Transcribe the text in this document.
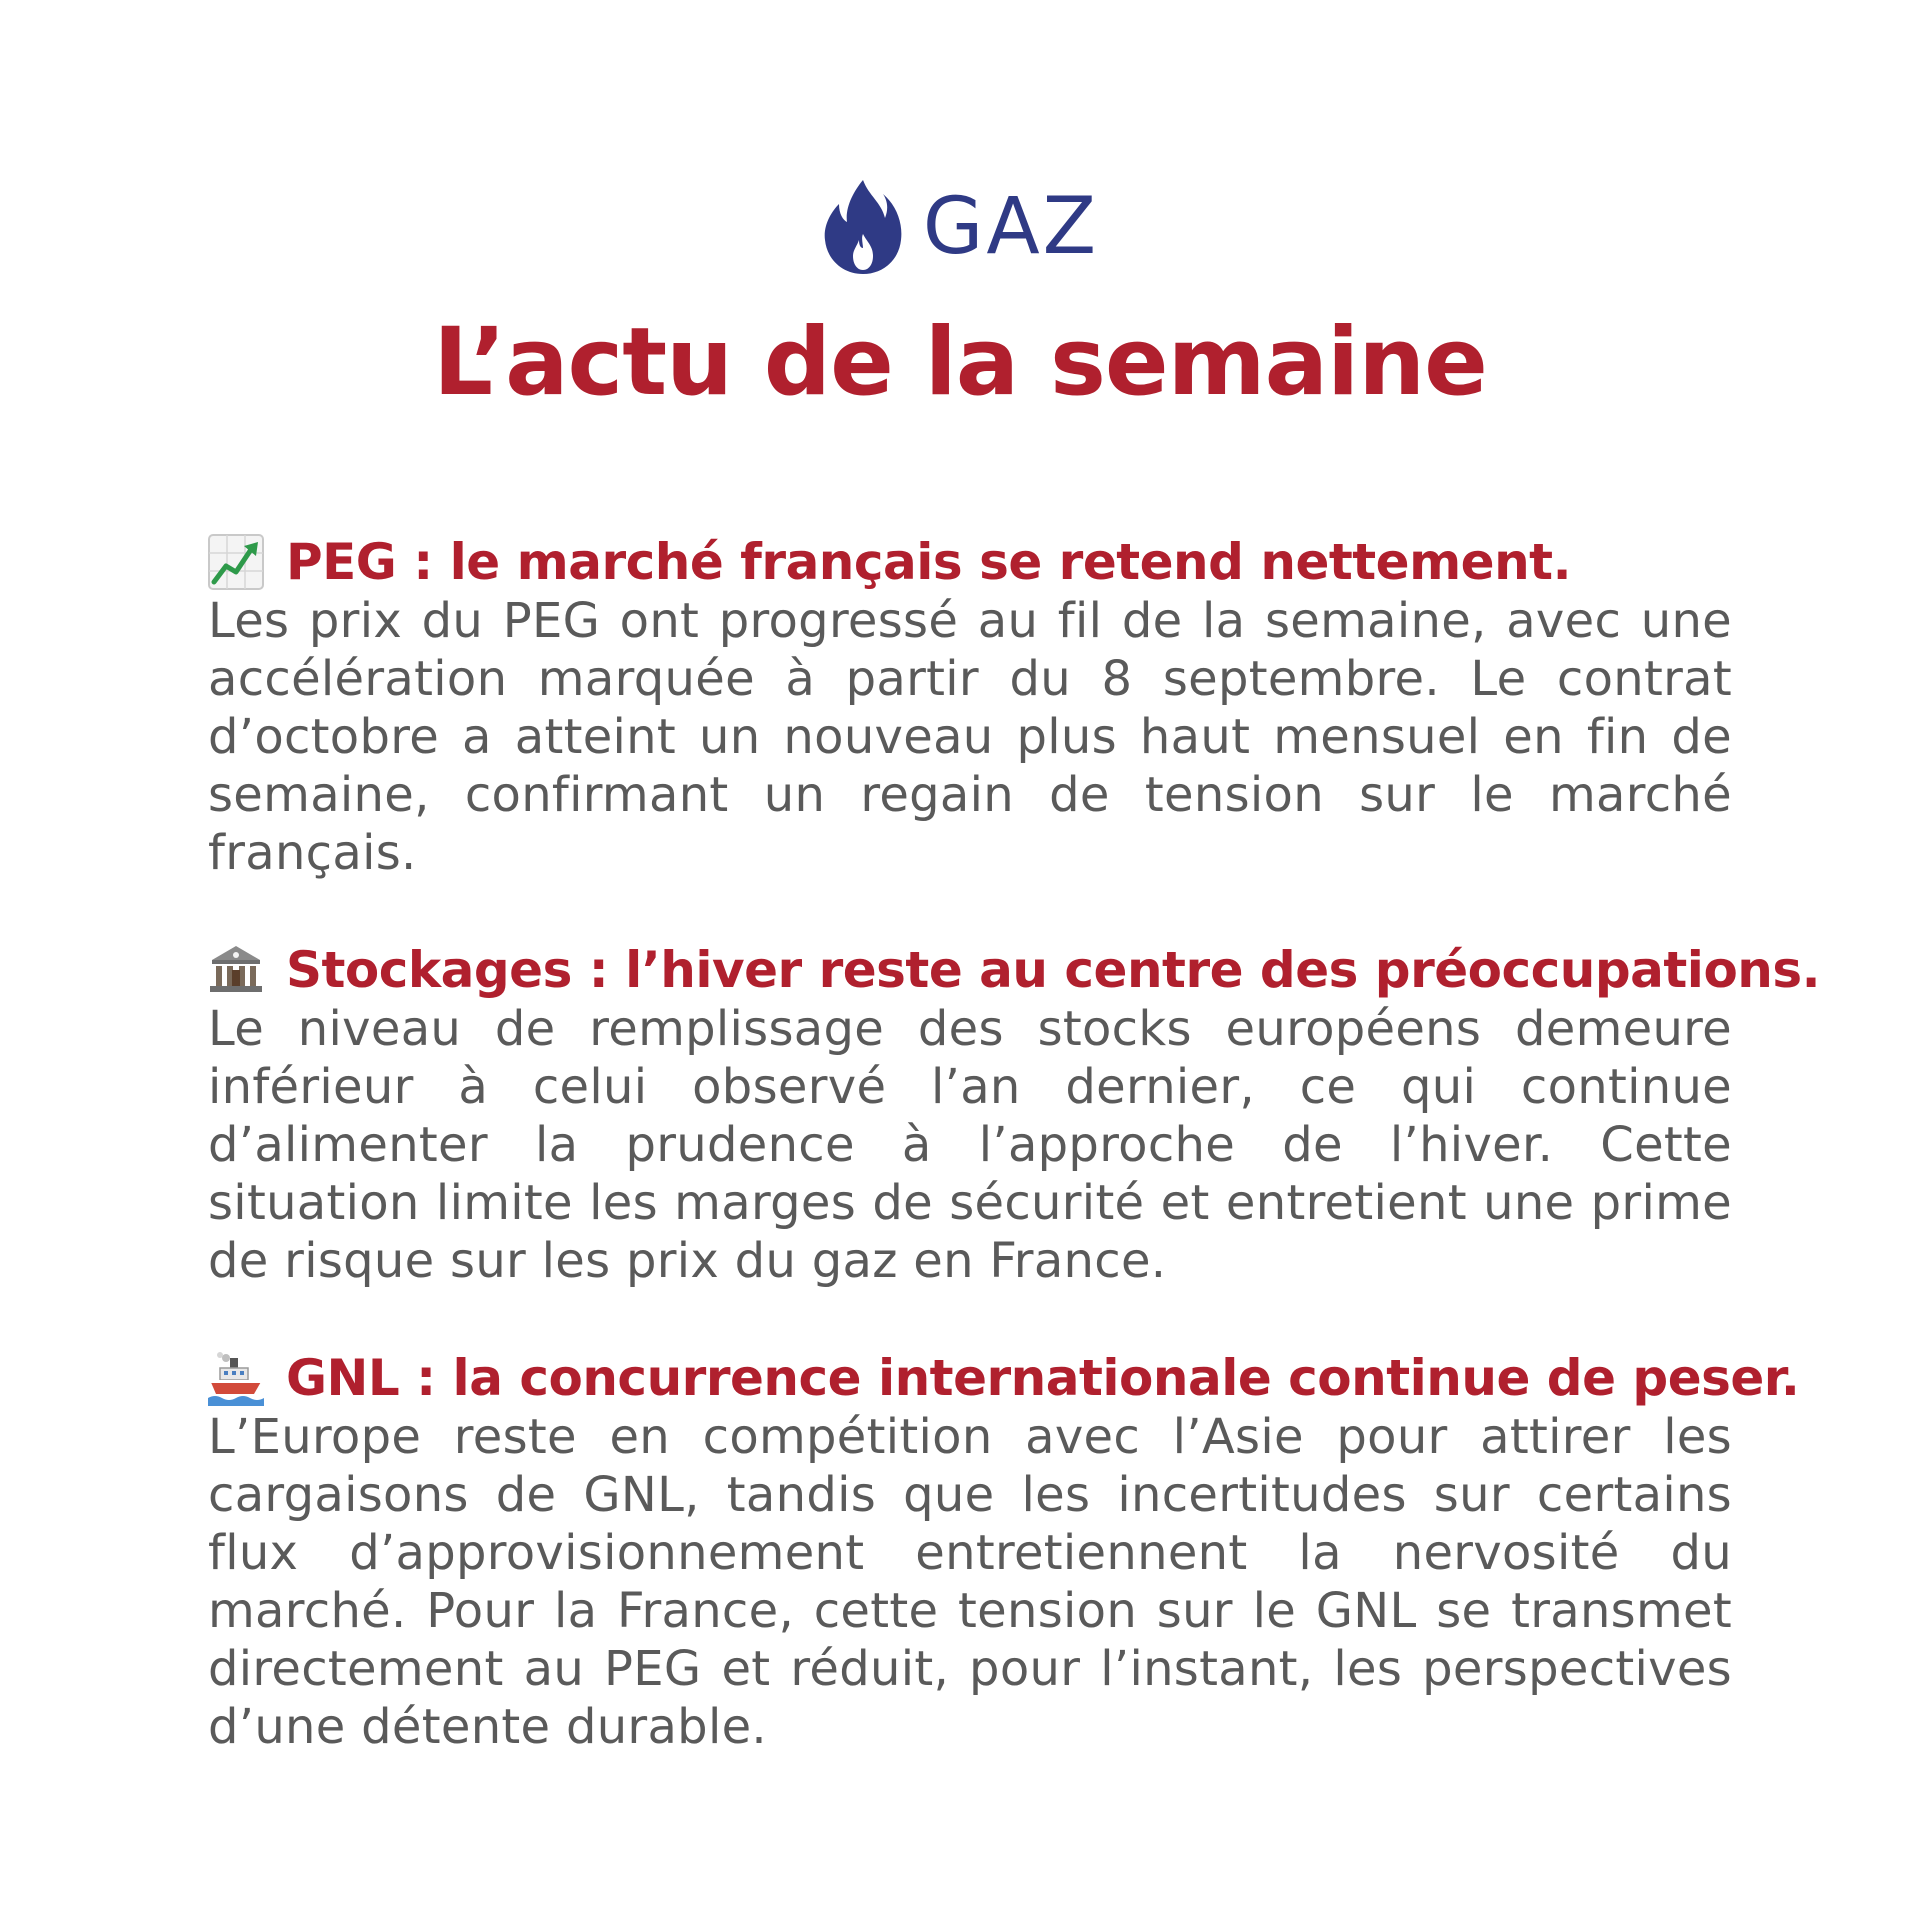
GAZ
L’actu de la semaine
PEG : le marché français se retend nettement.

Les prix du PEG ont progressé au fil de la semaine, avec une accélération marquée à partir du 8 septembre. Le contrat d’octobre a atteint un nouveau plus haut mensuel en fin de semaine, confirmant un regain de tension sur le marché français.

Stockages : l’hiver reste au centre des préoccupations.

Le niveau de remplissage des stocks européens demeure inférieur à celui observé l’an dernier, ce qui continue d’alimenter la prudence à l’approche de l’hiver. Cette situation limite les marges de sécurité et entretient une prime de risque sur les prix du gaz en France.

GNL : la concurrence internationale continue de peser.

L’Europe reste en compétition avec l’Asie pour attirer les cargaisons de GNL, tandis que les incertitudes sur certains flux d’approvisionnement entretiennent la nervosité du marché. Pour la France, cette tension sur le GNL se transmet directement au PEG et réduit, pour l’instant, les perspectives d’une détente durable.
